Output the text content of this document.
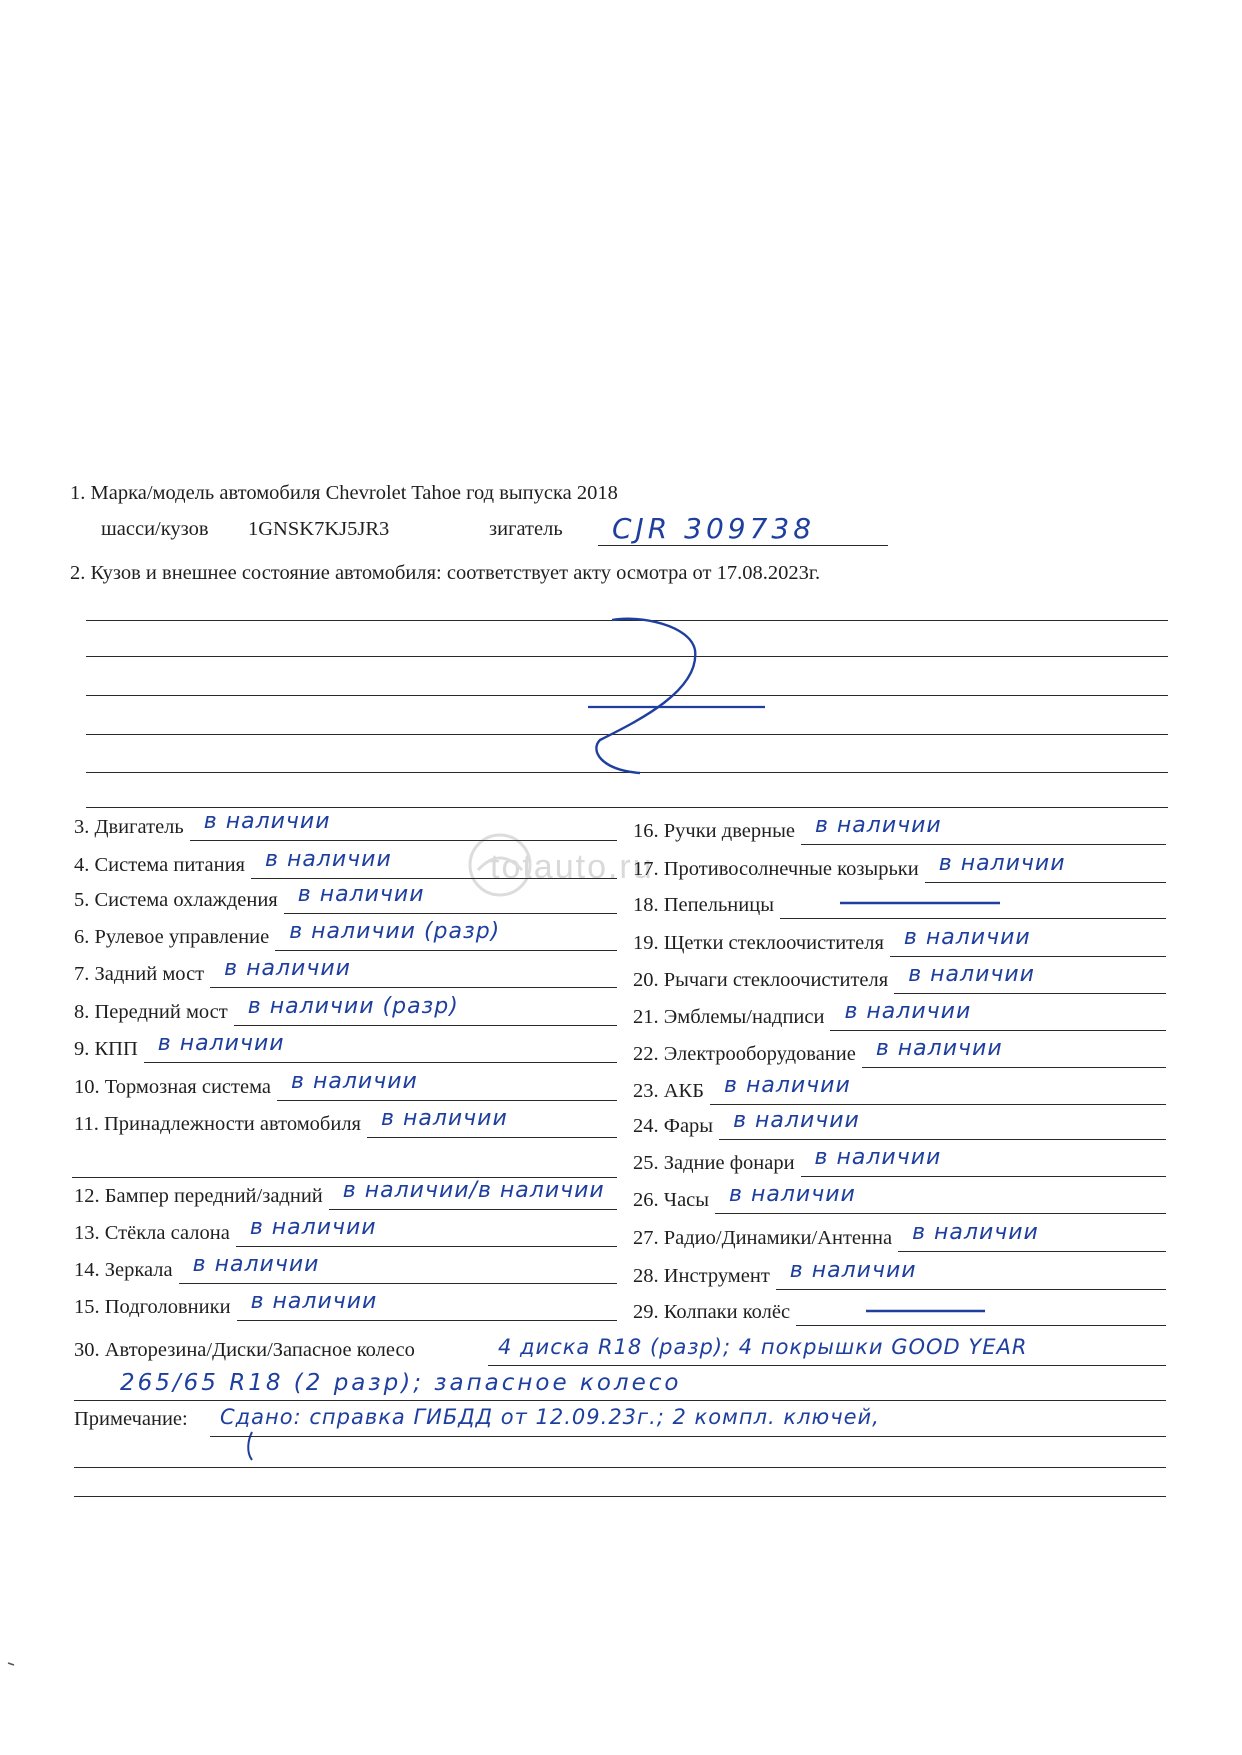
1. Марка/модель автомобиля Chevrolet Tahoe год выпуска 2018
шасси/кузов 1GNSK7KJ5JR3	зигатель CJR 309738
2. Кузов и внешнее состояние автомобиля: соответствует акту осмотра от 17.08.2023г.
totauto.ru
30. Авторезина/Диски/Запасное колесо	4 диска R18 (разр); 4 покрышки GOOD YEAR
265/65 R18 (2 разр); запасное колесо
Примечание: Сдано: справка ГИБДД от 12.09.23г.; 2 компл. ключей,
3. Двигатель в наличии
4. Система питания в наличии
5. Система охлаждения в наличии
6. Рулевое управление в наличии (разр)
7. Задний мост в наличии
8. Передний мост в наличии (разр)
9. КПП в наличии
10. Тормозная система в наличии
11. Принадлежности автомобиля в наличии
12. Бампер передний/задний в наличии/в наличии
13. Стёкла салона в наличии
14. Зеркала в наличии
15. Подголовники в наличии
16. Ручки дверные в наличии
17. Противосолнечные козырьки в наличии
18. Пепельницы
19. Щетки стеклоочистителя в наличии
20. Рычаги стеклоочистителя в наличии
21. Эмблемы/надписи в наличии
22. Электрооборудование в наличии
23. АКБ в наличии
24. Фары в наличии
25. Задние фонари в наличии
26. Часы в наличии
27. Радио/Динамики/Антенна в наличии
28. Инструмент в наличии
29. Колпаки колёс
